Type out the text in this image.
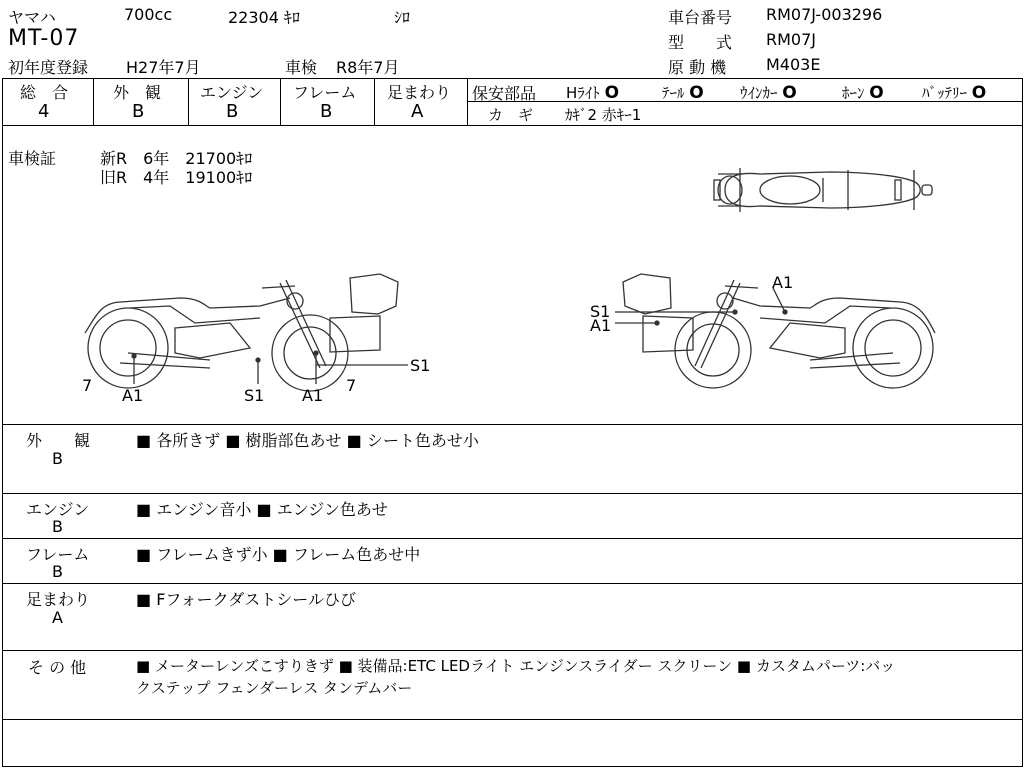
ヤマハ	700cc	22304 ｷﾛ	ｼﾛ
MT-07
初年度登録 H27年7月	車検 R8年7月
車台番号 RM07J-003296
型　　式 RM07J
原 動 機 M403E
総　合
4
外　観
B
エンジン
B
フレーム
B
足まわり
A
保安部品 Hﾗｲﾄ O	ﾃｰﾙ O ｳｲﾝｶｰ O	ﾎｰﾝ O	ﾊﾞｯﾃﾘｰ O
カ　ギ ｶｷﾞ2 赤ｷｰ1
車検証	新R　6年　21700ｷﾛ
旧R　4年　19100ｷﾛ
7
A1	S1 A1
7
S1
A1
S1
A1
外　　観
B
■ 各所きず ■ 樹脂部色あせ ■ シート色あせ小
エンジン
B
■ エンジン音小 ■ エンジン色あせ
フレーム
B
■ フレームきず小 ■ フレーム色あせ中
足まわり
A
■ Fフォークダストシールひび
そ の 他	■ メーターレンズこすりきず ■ 装備品:ETC LEDライト エンジンスライダー スクリーン ■ カスタムパーツ:バッ
クステップ フェンダーレス タンデムバー
